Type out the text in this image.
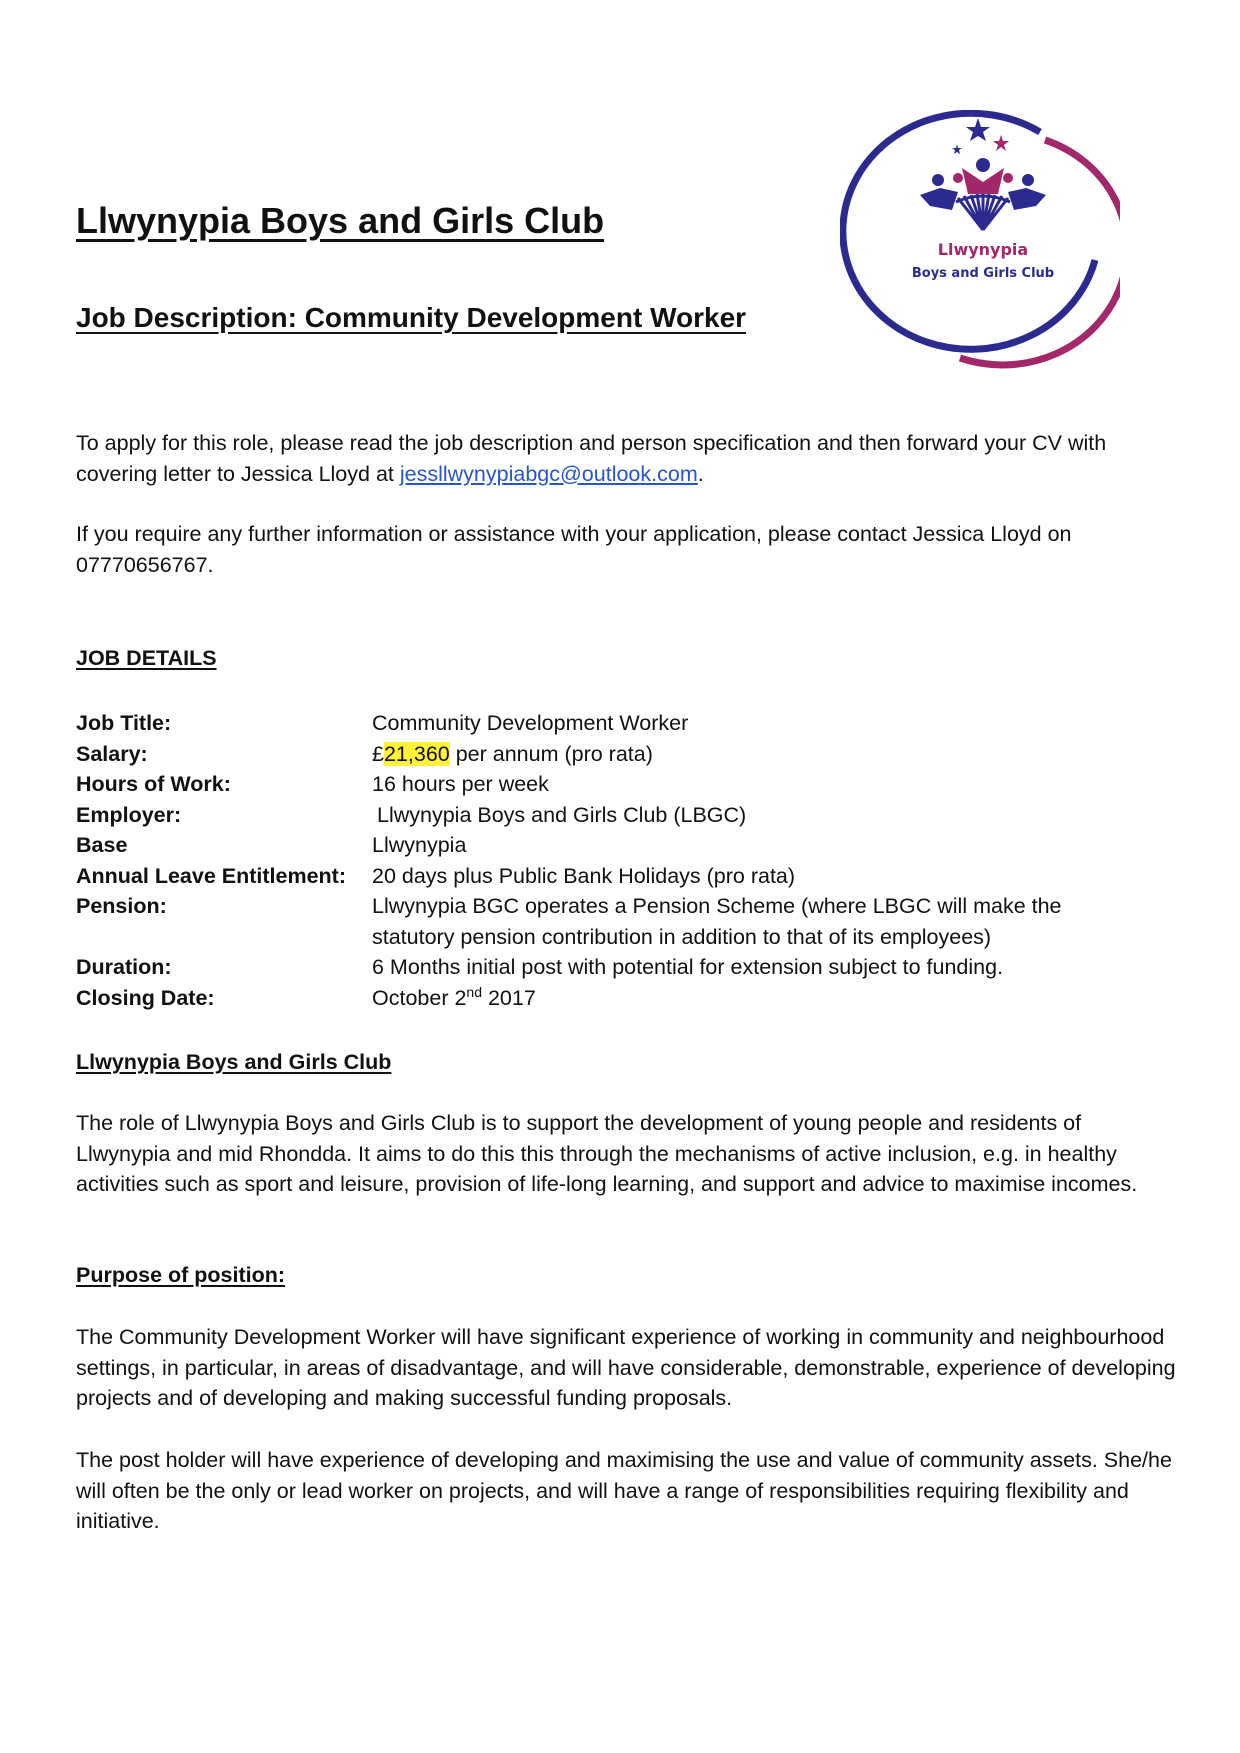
Llwynypia Boys and Girls Club
Job Description: Community Development Worker
Llwynypia
Boys and Girls Club

To apply for this role, please read the job description and person specification and then forward your CV with covering letter to Jessica Lloyd at jessllwynypiabgc@outlook.com.

If you require any further information or assistance with your application, please contact Jessica Lloyd on 07770656767.

JOB DETAILS
Job Title:	Community Development Worker
Salary:	£21,360 per annum (pro rata)
Hours of Work:	16 hours per week
Employer:	Llwynypia Boys and Girls Club (LBGC)
Base	Llwynypia
Annual Leave Entitlement:	20 days plus Public Bank Holidays (pro rata)
Pension:	Llwynypia BGC operates a Pension Scheme (where LBGC will make the statutory pension contribution in addition to that of its employees)
Duration:	6 Months initial post with potential for extension subject to funding.
Closing Date:	October 2nd 2017
Llwynypia Boys and Girls Club

The role of Llwynypia Boys and Girls Club is to support the development of young people and residents of Llwynypia and mid Rhondda. It aims to do this this through the mechanisms of active inclusion, e.g. in healthy activities such as sport and leisure, provision of life-long learning, and support and advice to maximise incomes.

Purpose of position:

The Community Development Worker will have significant experience of working in community and neighbourhood settings, in particular, in areas of disadvantage, and will have considerable, demonstrable, experience of developing projects and of developing and making successful funding proposals.

The post holder will have experience of developing and maximising the use and value of community assets. She/he will often be the only or lead worker on projects, and will have a range of responsibilities requiring flexibility and initiative.
